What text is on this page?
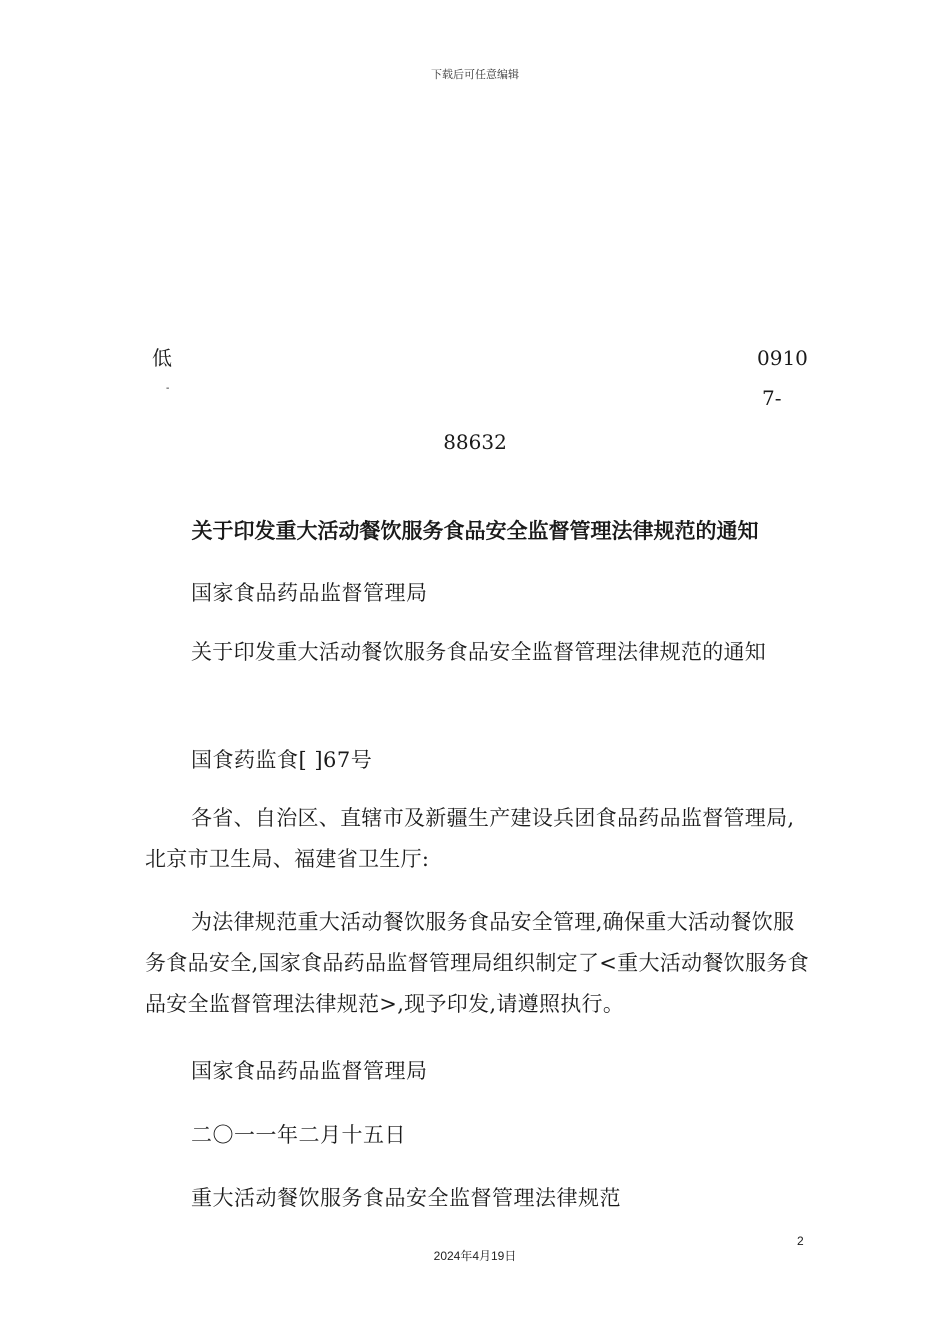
下载后可任意编辑
低
-
0910
7-
88632
关于印发重大活动餐饮服务食品安全监督管理法律规范的通知

国家食品药品监督管理局

关于印发重大活动餐饮服务食品安全监督管理法律规范的通知

国食药监食[ ]67号

各省、自治区、直辖市及新疆生产建设兵团食品药品监督管理局,北京市卫生局、福建省卫生厅:

为法律规范重大活动餐饮服务食品安全管理,确保重大活动餐饮服务食品安全,国家食品药品监督管理局组织制定了<重大活动餐饮服务食品安全监督管理法律规范>,现予印发,请遵照执行。

国家食品药品监督管理局

二〇一一年二月十五日

重大活动餐饮服务食品安全监督管理法律规范

2
2024年4月19日
